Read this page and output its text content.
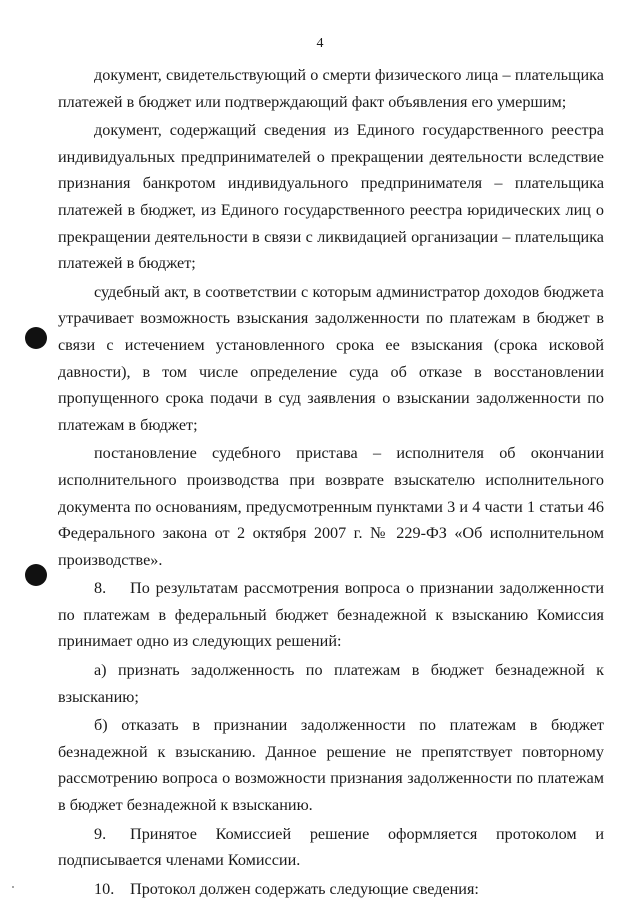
4

документ, свидетельствующий о смерти физического лица – плательщика платежей в бюджет или подтверждающий факт объявления его умершим;

документ, содержащий сведения из Единого государственного реестра индивидуальных предпринимателей о прекращении деятельности вследствие признания банкротом индивидуального предпринимателя – плательщика платежей в бюджет, из Единого государственного реестра юридических лиц о прекращении деятельности в связи с ликвидацией организации – плательщика платежей в бюджет;

судебный акт, в соответствии с которым администратор доходов бюджета утрачивает возможность взыскания задолженности по платежам в бюджет в связи с истечением установленного срока ее взыскания (срока исковой давности), в том числе определение суда об отказе в восстановлении пропущенного срока подачи в суд заявления о взыскании задолженности по платежам в бюджет;

постановление судебного пристава – исполнителя об окончании исполнительного производства при возврате взыскателю исполнительного документа по основаниям, предусмотренным пунктами 3 и 4 части 1 статьи 46 Федерального закона от 2 октября 2007 г. № 229-ФЗ «Об исполнительном производстве».

8. По результатам рассмотрения вопроса о признании задолженности по платежам в федеральный бюджет безнадежной к взысканию Комиссия принимает одно из следующих решений:

а) признать задолженность по платежам в бюджет безнадежной к взысканию;

б) отказать в признании задолженности по платежам в бюджет безнадежной к взысканию. Данное решение не препятствует повторному рассмотрению вопроса о возможности признания задолженности по платежам в бюджет безнадежной к взысканию.

9. Принятое Комиссией решение оформляется протоколом и подписывается членами Комиссии.

10. Протокол должен содержать следующие сведения:
